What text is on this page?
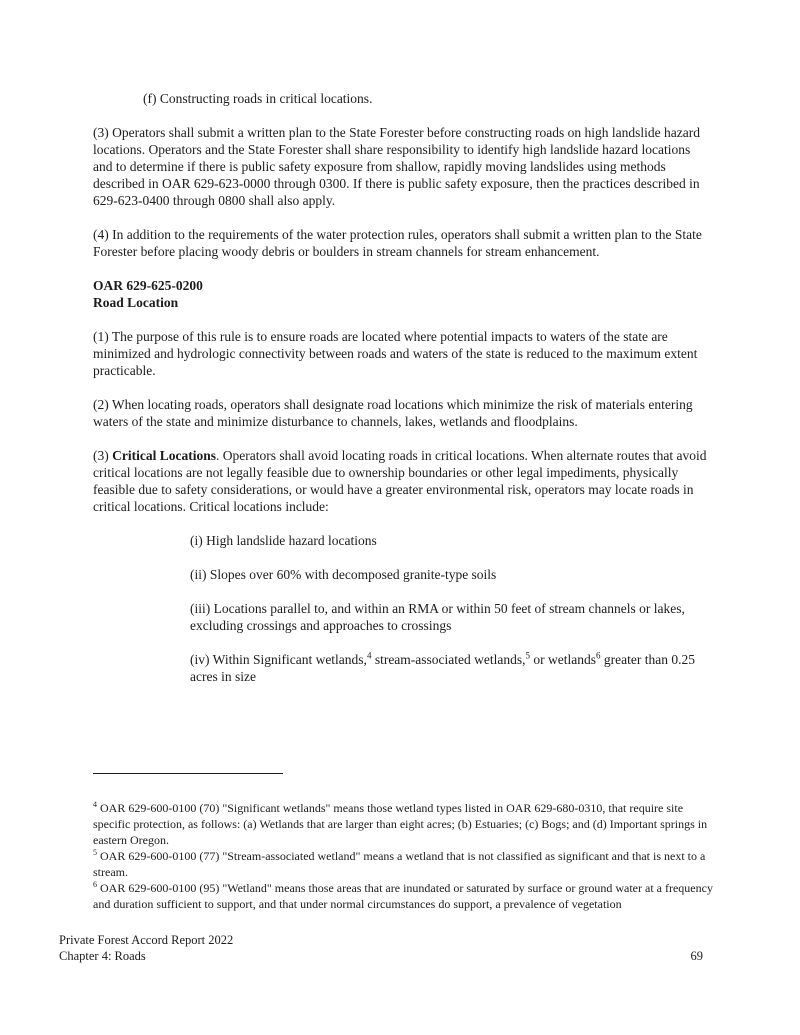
(f) Constructing roads in critical locations.

(3) Operators shall submit a written plan to the State Forester before constructing roads on high landslide hazard locations. Operators and the State Forester shall share responsibility to identify high landslide hazard locations and to determine if there is public safety exposure from shallow, rapidly moving landslides using methods described in OAR 629-623-0000 through 0300. If there is public safety exposure, then the practices described in 629-623-0400 through 0800 shall also apply.

(4) In addition to the requirements of the water protection rules, operators shall submit a written plan to the State Forester before placing woody debris or boulders in stream channels for stream enhancement.

OAR 629-625-0200
Road Location

(1) The purpose of this rule is to ensure roads are located where potential impacts to waters of the state are minimized and hydrologic connectivity between roads and waters of the state is reduced to the maximum extent practicable.

(2) When locating roads, operators shall designate road locations which minimize the risk of materials entering waters of the state and minimize disturbance to channels, lakes, wetlands and floodplains.

(3) Critical Locations. Operators shall avoid locating roads in critical locations. When alternate routes that avoid critical locations are not legally feasible due to ownership boundaries or other legal impediments, physically feasible due to safety considerations, or would have a greater environmental risk, operators may locate roads in critical locations. Critical locations include:

(i) High landslide hazard locations

(ii) Slopes over 60% with decomposed granite-type soils

(iii) Locations parallel to, and within an RMA or within 50 feet of stream channels or lakes, excluding crossings and approaches to crossings

(iv) Within Significant wetlands,$^4$ stream-associated wetlands,$^5$ or wetlands$^6$ greater than 0.25 acres in size

$^4$ OAR 629-600-0100 (70) "Significant wetlands" means those wetland types listed in OAR 629-680-0310, that require site specific protection, as follows: (a) Wetlands that are larger than eight acres; (b) Estuaries; (c) Bogs; and (d) Important springs in eastern Oregon.

$^5$ OAR 629-600-0100 (77) "Stream-associated wetland" means a wetland that is not classified as significant and that is next to a stream.

$^6$ OAR 629-600-0100 (95) "Wetland" means those areas that are inundated or saturated by surface or ground water at a frequency and duration sufficient to support, and that under normal circumstances do support, a prevalence of vegetation

Private Forest Accord Report 2022
Chapter 4: Roads	69
